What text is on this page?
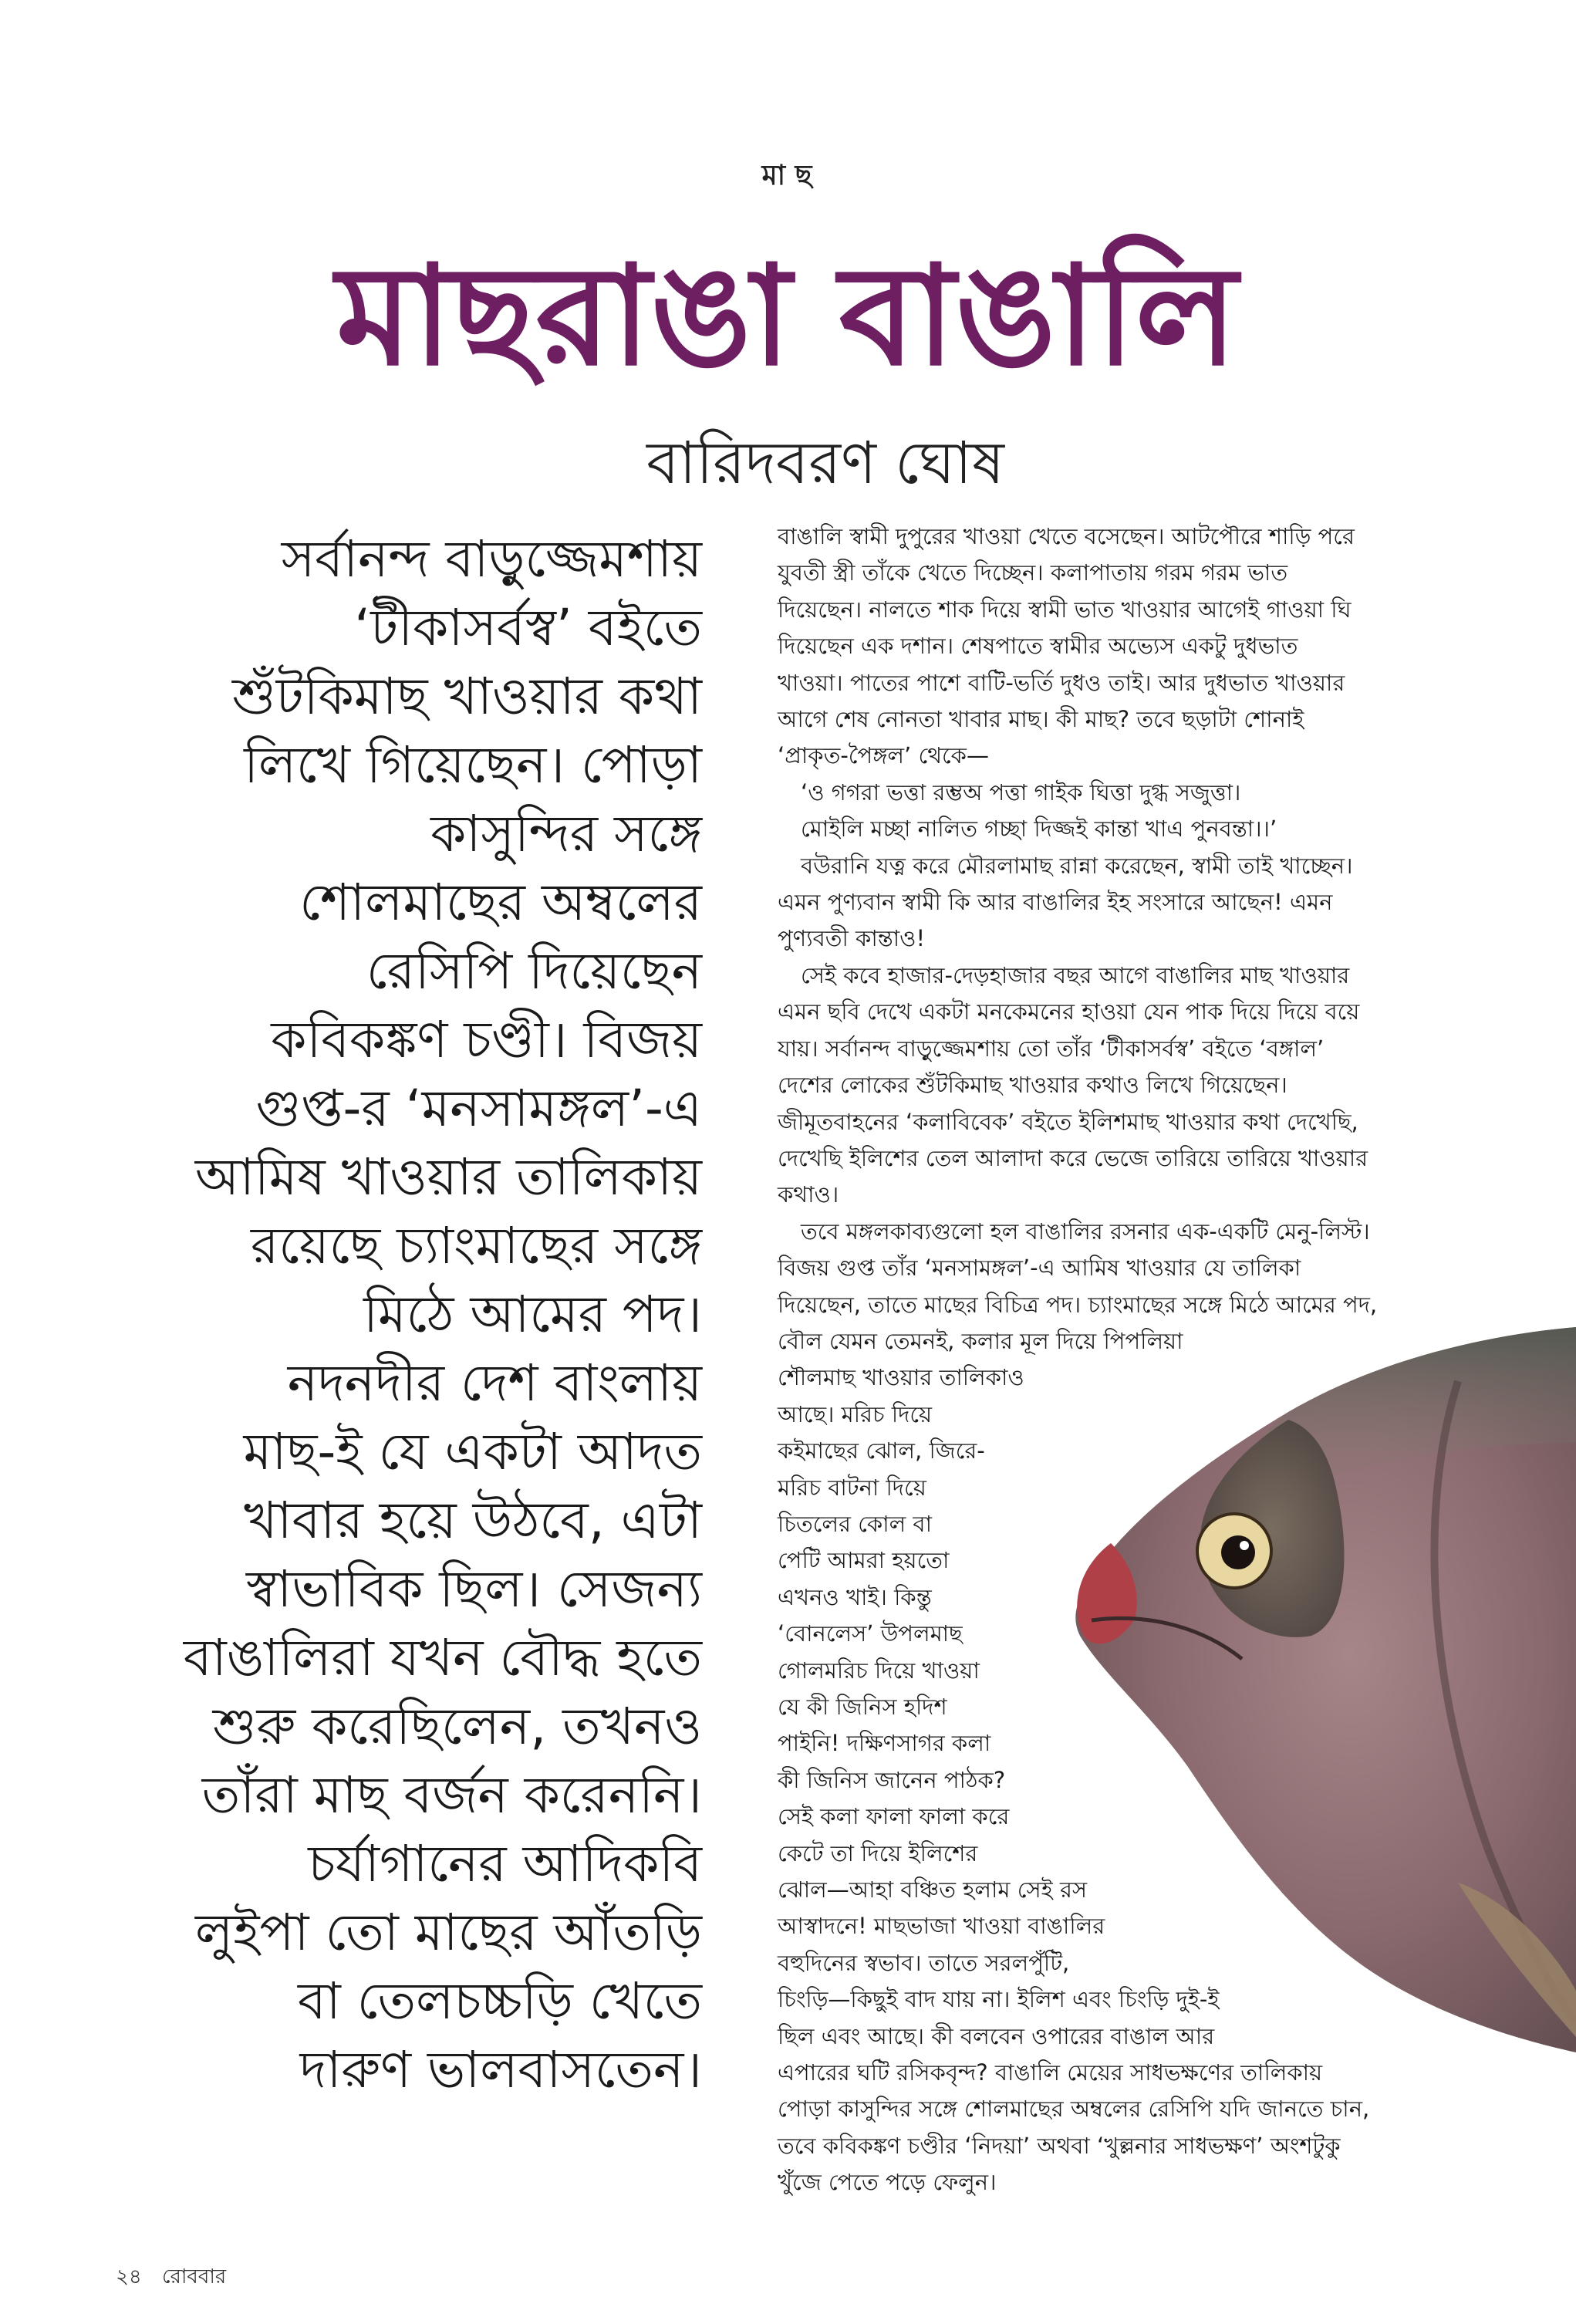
মা ছ
মাছরাঙা বাঙালি
বারিদবরণ ঘোষ
সর্বানন্দ বাড়ুজ্জেমশায়
‘টীকাসর্বস্ব’ বইতে
শুঁটকিমাছ খাওয়ার কথা
লিখে গিয়েছেন। পোড়া
কাসুন্দির সঙ্গে
শোলমাছের অম্বলের
রেসিপি দিয়েছেন
কবিকঙ্কণ চণ্ডী। বিজয়
গুপ্ত-র ‘মনসামঙ্গল’-এ
আমিষ খাওয়ার তালিকায়
রয়েছে চ্যাংমাছের সঙ্গে
মিঠে আমের পদ।
নদনদীর দেশ বাংলায়
মাছ-ই যে একটা আদত
খাবার হয়ে উঠবে, এটা
স্বাভাবিক ছিল। সেজন্য
বাঙালিরা যখন বৌদ্ধ হতে
শুরু করেছিলেন, তখনও
তাঁরা মাছ বর্জন করেননি।
চর্যাগানের আদিকবি
লুইপা তো মাছের আঁতড়ি
বা তেলচচ্চড়ি খেতে
দারুণ ভালবাসতেন।
বাঙালি স্বামী দুপুরের খাওয়া খেতে বসেছেন। আটপৌরে শাড়ি পরে
যুবতী স্ত্রী তাঁকে খেতে দিচ্ছেন। কলাপাতায় গরম গরম ভাত
দিয়েছেন। নালতে শাক দিয়ে স্বামী ভাত খাওয়ার আগেই গাওয়া ঘি
দিয়েছেন এক দশান। শেষপাতে স্বামীর অভ্যেস একটু দুধভাত
খাওয়া। পাতের পাশে বাটি-ভর্তি দুধও তাই। আর দুধভাত খাওয়ার
আগে শেষ নোনতা খাবার মাছ। কী মাছ? তবে ছড়াটা শোনাই
‘প্রাকৃত-পৈঙ্গল’ থেকে—
‘ও গগরা ভত্তা রম্ভঅ পত্তা গাইক ঘিত্তা দুগ্ধ সজুত্তা।
মোইলি মচ্ছা নালিত গচ্ছা দিজ্জই কান্তা খাএ পুনবন্তা।।’
বউরানি যত্ন করে মৌরলামাছ রান্না করেছেন, স্বামী তাই খাচ্ছেন।
এমন পুণ্যবান স্বামী কি আর বাঙালির ইহ সংসারে আছেন! এমন
পুণ্যবতী কান্তাও!
সেই কবে হাজার-দেড়হাজার বছর আগে বাঙালির মাছ খাওয়ার
এমন ছবি দেখে একটা মনকেমনের হাওয়া যেন পাক দিয়ে দিয়ে বয়ে
যায়। সর্বানন্দ বাড়ুজ্জেমশায় তো তাঁর ‘টীকাসর্বস্ব’ বইতে ‘বঙ্গাল’
দেশের লোকের শুঁটকিমাছ খাওয়ার কথাও লিখে গিয়েছেন।
জীমূতবাহনের ‘কলাবিবেক’ বইতে ইলিশমাছ খাওয়ার কথা দেখেছি,
দেখেছি ইলিশের তেল আলাদা করে ভেজে তারিয়ে তারিয়ে খাওয়ার
কথাও।
তবে মঙ্গলকাব্যগুলো হল বাঙালির রসনার এক-একটি মেনু-লিস্ট।
বিজয় গুপ্ত তাঁর ‘মনসামঙ্গল’-এ আমিষ খাওয়ার যে তালিকা
দিয়েছেন, তাতে মাছের বিচিত্র পদ। চ্যাংমাছের সঙ্গে মিঠে আমের পদ,
বৌল যেমন তেমনই, কলার মূল দিয়ে পিপলিয়া
শৌলমাছ খাওয়ার তালিকাও
আছে। মরিচ দিয়ে
কইমাছের ঝোল, জিরে-
মরিচ বাটনা দিয়ে
চিতলের কোল বা
পেটি আমরা হয়তো
এখনও খাই। কিন্তু
‘বোনলেস’ উপলমাছ
গোলমরিচ দিয়ে খাওয়া
যে কী জিনিস হদিশ
পাইনি! দক্ষিণসাগর কলা
কী জিনিস জানেন পাঠক?
সেই কলা ফালা ফালা করে
কেটে তা দিয়ে ইলিশের
ঝোল—আহা বঞ্চিত হলাম সেই রস
আস্বাদনে! মাছভাজা খাওয়া বাঙালির
বহুদিনের স্বভাব। তাতে সরলপুঁটি,
চিংড়ি—কিছুই বাদ যায় না। ইলিশ এবং চিংড়ি দুই-ই
ছিল এবং আছে। কী বলবেন ওপারের বাঙাল আর
এপারের ঘটি রসিকবৃন্দ? বাঙালি মেয়ের সাধভক্ষণের তালিকায়
পোড়া কাসুন্দির সঙ্গে শোলমাছের অম্বলের রেসিপি যদি জানতে চান,
তবে কবিকঙ্কণ চণ্ডীর ‘নিদয়া’ অথবা ‘খুল্লনার সাধভক্ষণ’ অংশটুকু
খুঁজে পেতে পড়ে ফেলুন।
২৪ রোববার
